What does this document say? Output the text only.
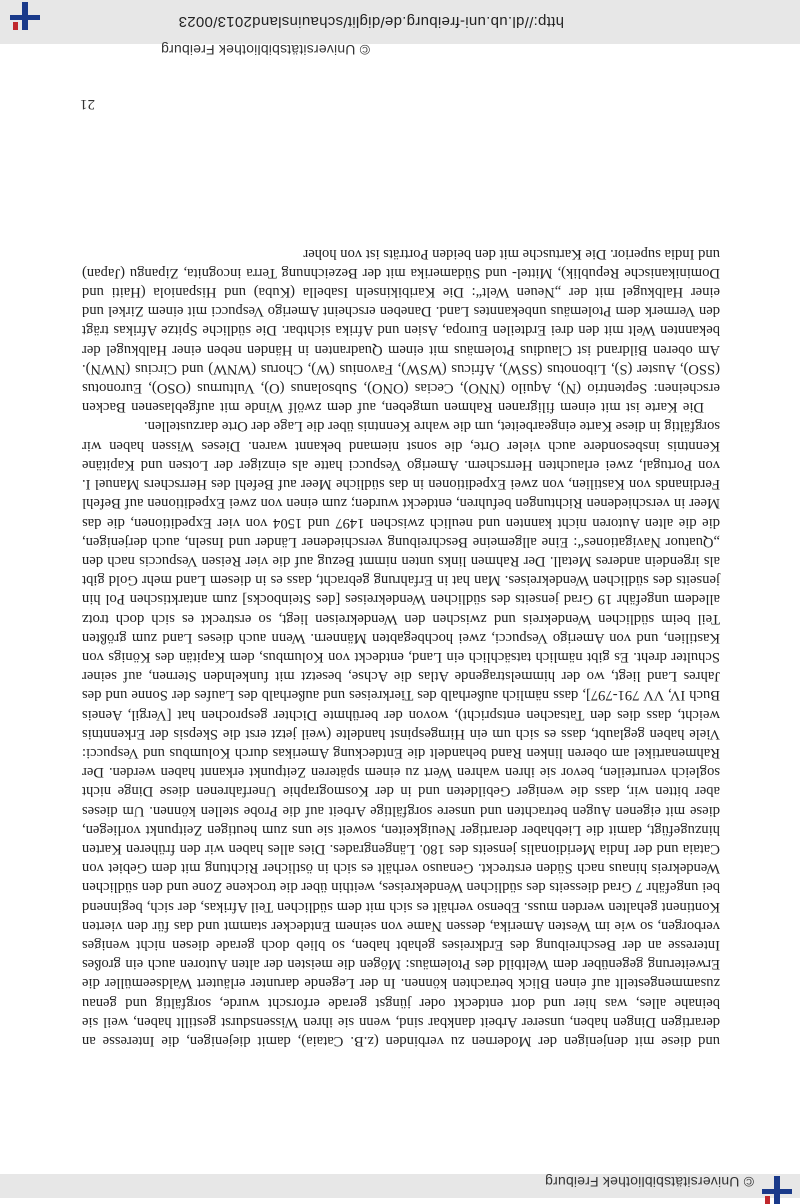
© Universitätsbibliothek Freiburg

und diese mit denjenigen der Modernen zu verbinden (z.B. Cataia), damit diejenigen, die Interesse an derartigen Dingen haben, unserer Arbeit dankbar sind, wenn sie ihren Wissensdurst gestillt haben, weil sie beinahe alles, was hier und dort entdeckt oder jüngst gerade erforscht wurde, sorgfältig und genau zusammengestellt auf einen Blick betrachten können. In der Legende darunter erläutert Waldseemüller die Erweiterung gegenüber dem Weltbild des Ptolemäus: Mögen die meisten der alten Autoren auch ein großes Interesse an der Beschreibung des Erdkreises gehabt haben, so blieb doch gerade diesen nicht weniges verborgen, so wie im Westen Amerika, dessen Name von seinem Entdecker stammt und das für den vierten Kontinent gehalten werden muss. Ebenso verhält es sich mit dem südlichen Teil Afrikas, der sich, beginnend bei ungefähr 7 Grad diesseits des südlichen Wendekreises, weithin über die trockene Zone und den südlichen Wendekreis hinaus nach Süden erstreckt. Genauso verhält es sich in östlicher Richtung mit dem Gebiet von Cataia und der India Meridionalis jenseits des 180. Längengrades. Dies alles haben wir den früheren Karten hinzugefügt, damit die Liebhaber derartiger Neuigkeiten, soweit sie uns zum heutigen Zeitpunkt vorliegen, diese mit eigenen Augen betrachten und unsere sorgfältige Arbeit auf die Probe stellen können. Um dieses aber bitten wir, dass die weniger Gebildeten und in der Kosmographie Unerfahrenen diese Dinge nicht sogleich verurteilen, bevor sie ihren wahren Wert zu einem späteren Zeitpunkt erkannt haben werden. Der Rahmenartikel am oberen linken Rand behandelt die Entdeckung Amerikas durch Kolumbus und Vespucci: Viele haben geglaubt, dass es sich um ein Hirngespinst handelte (weil jetzt erst die Skepsis der Erkenntnis weicht, dass dies den Tatsachen entspricht), wovon der berühmte Dichter gesprochen hat [Vergil, Aeneis Buch IV, VV 791-797], dass nämlich außerhalb des Tierkreises und außerhalb des Laufes der Sonne und des Jahres Land liegt, wo der himmelstragende Atlas die Achse, besetzt mit funkelnden Sternen, auf seiner Schulter dreht. Es gibt nämlich tatsächlich ein Land, entdeckt von Kolumbus, dem Kapitän des Königs von Kastilien, und von Amerigo Vespucci, zwei hochbegabten Männern. Wenn auch dieses Land zum größten Teil beim südlichen Wendekreis und zwischen den Wendekreisen liegt, so erstreckt es sich doch trotz alledem ungefähr 19 Grad jenseits des südlichen Wendekreises [des Steinbocks] zum antarktischen Pol hin jenseits des südlichen Wendekreises. Man hat in Erfahrung gebracht, dass es in diesem Land mehr Gold gibt als irgendein anderes Metall. Der Rahmen links unten nimmt Bezug auf die vier Reisen Vespuccis nach den „Quatuor Navigationes“: Eine allgemeine Beschreibung verschiedener Länder und Inseln, auch derjenigen, die die alten Autoren nicht kannten und neulich zwischen 1497 und 1504 von vier Expeditionen, die das Meer in verschiedenen Richtungen befuhren, entdeckt wurden; zum einen von zwei Expeditionen auf Befehl Ferdinands von Kastilien, von zwei Expeditionen in das südliche Meer auf Befehl des Herrschers Manuel I. von Portugal, zwei erlauchten Herrschern. Amerigo Vespucci hatte als einziger der Lotsen und Kapitäne Kenntnis insbesondere auch vieler Orte, die sonst niemand bekannt waren. Dieses Wissen haben wir sorgfältig in diese Karte eingearbeitet, um die wahre Kenntnis über die Lage der Orte darzustellen.

Die Karte ist mit einem filigranen Rahmen umgeben, auf dem zwölf Winde mit aufgeblasenen Backen erscheinen: Septentrio (N), Aquilo (NNO), Cecias (ONO), Subsolanus (O), Vulturnus (OSO), Euronotus (SSO), Auster (S), Libonotus (SSW), Africus (WSW), Favonius (W), Chorus (WNW) und Circius (NWN). Am oberen Bildrand ist Claudius Ptolemäus mit einem Quadranten in Händen neben einer Halbkugel der bekannten Welt mit den drei Erdteilen Europa, Asien und Afrika sichtbar. Die südliche Spitze Afrikas trägt den Vermerk dem Ptolemäus unbekanntes Land. Daneben erscheint Amerigo Vespucci mit einem Zirkel und einer Halbkugel mit der „Neuen Welt“: Die Karibikinseln Isabella (Kuba) und Hispaniola (Haiti und Dominikanische Republik), Mittel- und Südamerika mit der Bezeichnung Terra incognita, Zipangu (Japan) und India superior. Die Kartusche mit den beiden Porträts ist von hoher

21
http://dl.ub.uni-freiburg.de/diglit/schauinsland2013/0023
© Universitätsbibliothek Freiburg
